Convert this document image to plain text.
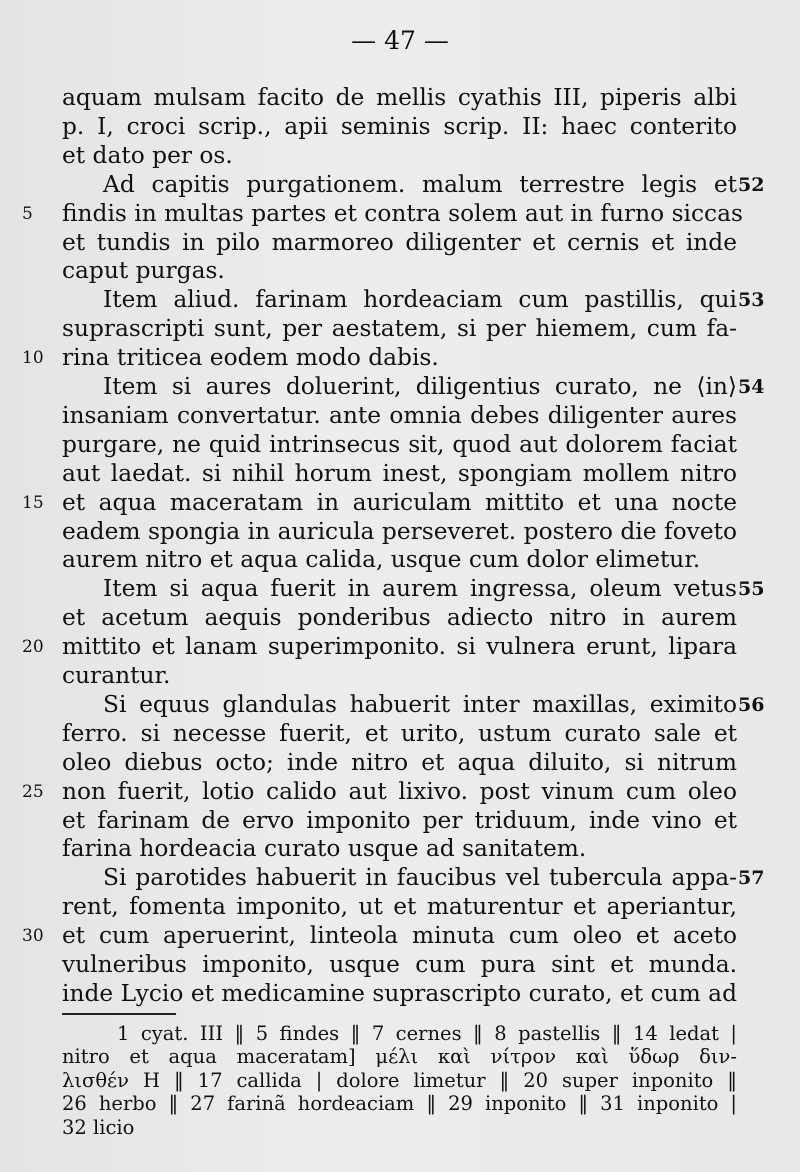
— 47 —
aquam mulsam facito de mellis cyathis III, piperis albi
p. I, croci scrip., apii seminis scrip. II: haec conterito
et dato per os.
Ad capitis purgationem. malum terrestre legis et 52
findis in multas partes et contra solem aut in furno siccas
5
et tundis in pilo marmoreo diligenter et cernis et inde
caput purgas.
Item aliud. farinam hordeaciam cum pastillis, qui 53
suprascripti sunt, per aestatem, si per hiemem, cum fa-
rina triticea eodem modo dabis.
10
Item si aures doluerint, diligentius curato, ne ⟨in⟩ 54
insaniam convertatur. ante omnia debes diligenter aures
purgare, ne quid intrinsecus sit, quod aut dolorem faciat
aut laedat. si nihil horum inest, spongiam mollem nitro
et aqua maceratam in auriculam mittito et una nocte
15
eadem spongia in auricula perseveret. postero die foveto
aurem nitro et aqua calida, usque cum dolor elimetur.
Item si aqua fuerit in aurem ingressa, oleum vetus 55
et acetum aequis ponderibus adiecto nitro in aurem
mittito et lanam superimponito. si vulnera erunt, lipara
20
curantur.
Si equus glandulas habuerit inter maxillas, eximito 56
ferro. si necesse fuerit, et urito, ustum curato sale et
oleo diebus octo; inde nitro et aqua diluito, si nitrum
non fuerit, lotio calido aut lixivo. post vinum cum oleo
25
et farinam de ervo imponito per triduum, inde vino et
farina hordeacia curato usque ad sanitatem.
Si parotides habuerit in faucibus vel tubercula appa- 57
rent, fomenta imponito, ut et maturentur et aperiantur,
et cum aperuerint, linteola minuta cum oleo et aceto
30
vulneribus imponito, usque cum pura sint et munda.
inde Lycio et medicamine suprascripto curato, et cum ad
1 cyat. III ‖ 5 findes ‖ 7 cernes ‖ 8 pastellis ‖ 14 ledat |
nitro et aqua maceratam] μέλι καὶ νίτρον καὶ ὕδωρ διν-
λισθέν H ‖ 17 callida | dolore limetur ‖ 20 super inponito ‖
26 herbo ‖ 27 farinã hordeaciam ‖ 29 inponito ‖ 31 inponito |
32 licio
